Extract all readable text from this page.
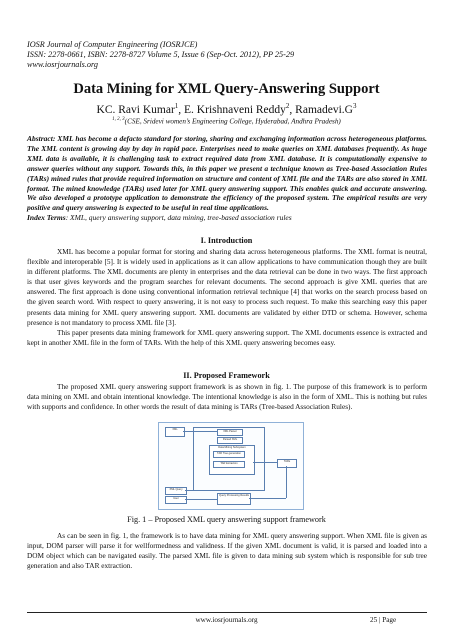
IOSR Journal of Computer Engineering (IOSRJCE)
ISSN: 2278-0661, ISBN: 2278-8727 Volume 5, Issue 6 (Sep-Oct. 2012), PP 25-29
www.iosrjournals.org
Data Mining for XML Query-Answering Support
KC. Ravi Kumar$^1$, E. Krishnaveni Reddy$^2$, $Ramadevi.G^3$
$^{1, 2, 3}$(CSE, Sridevi women’s Engineering College, Hyderabad, Andhra Pradesh)
Abstract: XML has become a defacto standard for storing, sharing and exchanging information across heterogeneous platforms. The XML content is growing day by day in rapid pace. Enterprises need to make queries on XML databases frequently. As huge XML data is available, it is challenging task to extract required data from XML database. It is computationally expensive to answer queries without any support. Towards this, in this paper we present a technique known as Tree-based Association Rules (TARs) mined rules that provide required information on structure and content of XML file and the TARs are also stored in XML format. The mined knowledge (TARs) used later for XML query answering support. This enables quick and accurate answering. We also developed a prototype application to demonstrate the efficiency of the proposed system. The empirical results are very positive and query answering is expected to be useful in real time applications.
Index Terms: XML, query answering support, data mining, tree-based association rules
I. Introduction

XML has become a popular format for storing and sharing data across heterogeneous platforms. The XML format is neutral, flexible and interoperable [5]. It is widely used in applications as it can allow applications to have communication though they are built in different platforms. The XML documents are plenty in enterprises and the data retrieval can be done in two ways. The first approach is that user gives keywords and the program searches for relevant documents. The second approach is give XML queries that are answered. The first approach is done using conventional information retrieval technique [4] that works on the search process based on the given search word. With respect to query answering, it is not easy to process such request. To make this searching easy this paper presents data mining for XML query answering support. XML documents are validated by either DTD or schema. However, schema presence is not mandatory to process XML file [3].

This paper presents data mining framework for XML query answering support. The XML documents essence is extracted and kept in another XML file in the form of TARs. With the help of this XML query answering becomes easy.

II. Proposed Framework

The proposed XML query answering support framework is as shown in fig. 1. The purpose of this framework is to perform data mining on XML and obtain intentional knowledge. The intentional knowledge is also in the form of XML. This is nothing but rules with supports and confidence. In other words the result of data mining is TARs (Tree-based Association Rules).

XML
XML Parser
Parsed XML
Data Mining Subsystem
TAR Tree generation
TAR Extraction
TARs
XML Query
User
Query Processing Results
Fig. 1 – Proposed XML query answering support framework

As can be seen in fig. 1, the framework is to have data mining for XML query answering support. When XML file is given as input, DOM parser will parse it for wellformedness and validness. If the given XML document is valid, it is parsed and loaded into a DOM object which can be navigated easily. The parsed XML file is given to data mining sub system which is responsible for sub tree generation and also TAR extraction.

www.iosrjournals.org	25 | Page
